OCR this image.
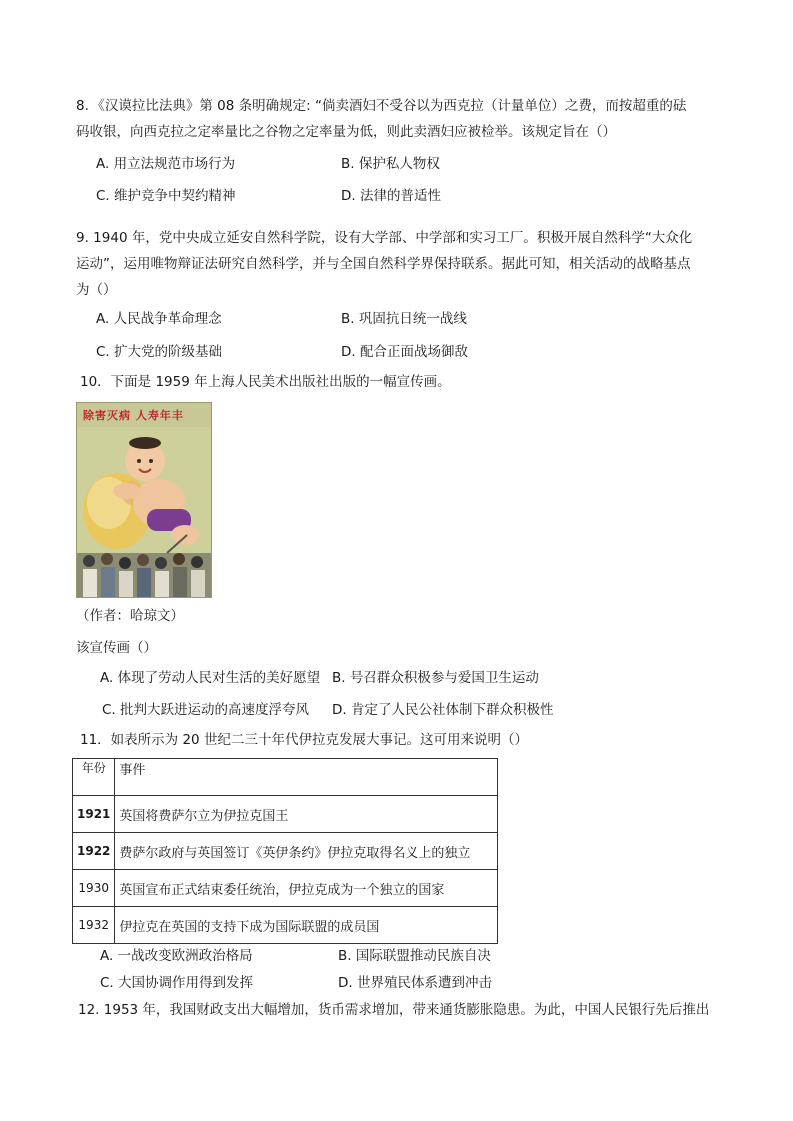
8．《汉谟拉比法典》第 08 条明确规定: “倘卖酒妇不受谷以为西克拉（计量单位）之费，而按超重的砝
码收银，向西克拉之定率量比之谷物之定率量为低，则此卖酒妇应被检举。该规定旨在（）
A. 用立法规范市场行为	B. 保护私人物权
C. 维护竞争中契约精神	D. 法律的普适性
9. 1940 年，党中央成立延安自然科学院，设有大学部、中学部和实习工厂。积极开展自然科学“大众化
运动”，运用唯物辩证法研究自然科学，并与全国自然科学界保持联系。据此可知，相关活动的战略基点
为（）
A. 人民战争革命理念	B. 巩固抗日统一战线
C. 扩大党的阶级基础	D. 配合正面战场御敌
10．下面是 1959 年上海人民美术出版社出版的一幅宣传画。
除害灭病 人寿年丰
（作者：哈琼文）
该宣传画（）
A. 体现了劳动人民对生活的美好愿望 B. 号召群众积极参与爱国卫生运动
C. 批判大跃进运动的高速度浮夸风 D. 肯定了人民公社体制下群众积极性
11．如表所示为 20 世纪二三十年代伊拉克发展大事记。这可用来说明（）
年份	事件
1921	英国将费萨尔立为伊拉克国王
1922	费萨尔政府与英国签订《英伊条约》伊拉克取得名义上的独立
1930	英国宣布正式结束委任统治，伊拉克成为一个独立的国家
1932	伊拉克在英国的支持下成为国际联盟的成员国
A. 一战改变欧洲政治格局	B. 国际联盟推动民族自决
C. 大国协调作用得到发挥	D. 世界殖民体系遭到冲击
12. 1953 年，我国财政支出大幅增加，货币需求增加，带来通货膨胀隐患。为此，中国人民银行先后推出
